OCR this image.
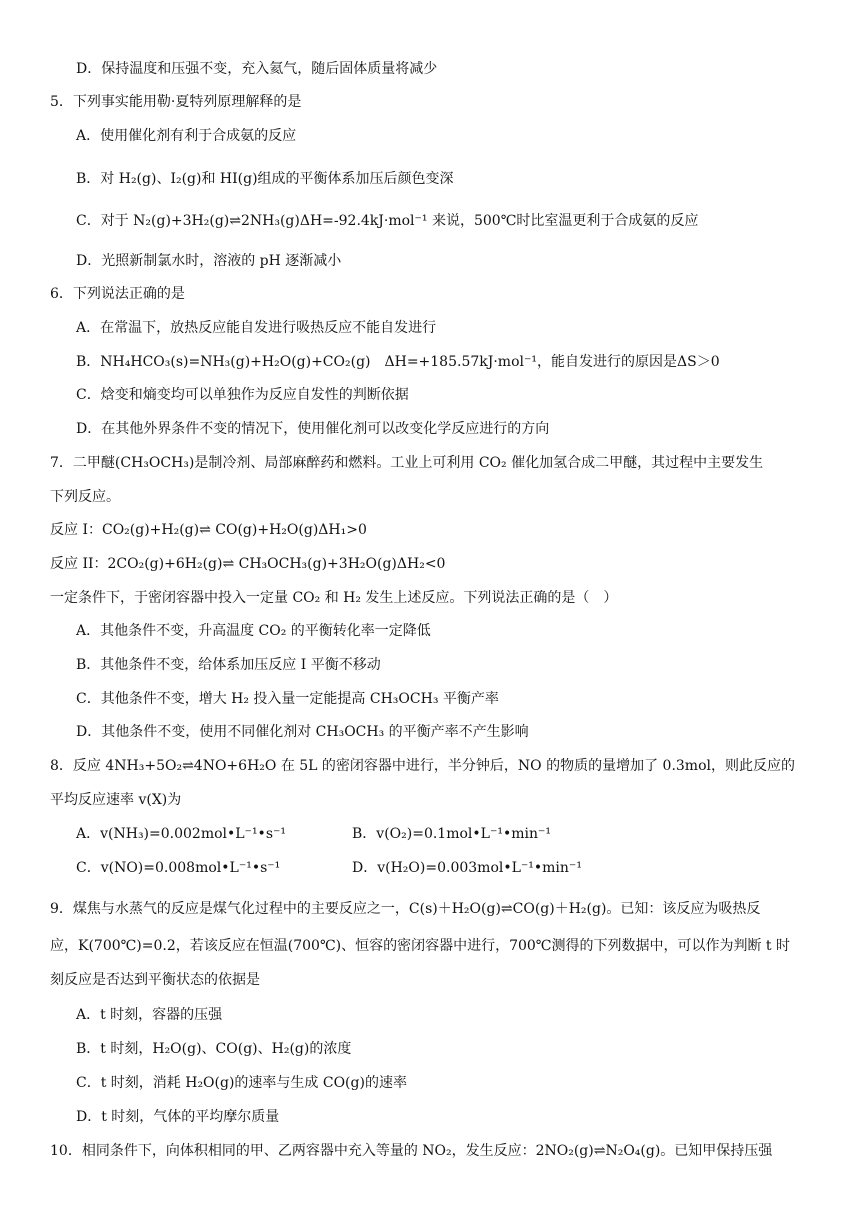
D．保持温度和压强不变，充入氦气，随后固体质量将减少
5．下列事实能用勒·夏特列原理解释的是
A．使用催化剂有利于合成氨的反应
B．对 H₂(g)、I₂(g)和 HI(g)组成的平衡体系加压后颜色变深
C．对于 N₂(g)+3H₂(g)⇌2NH₃(g)ΔH=-92.4kJ·mol⁻¹ 来说，500℃时比室温更利于合成氨的反应
D．光照新制氯水时，溶液的 pH 逐渐减小
6．下列说法正确的是
A．在常温下，放热反应能自发进行吸热反应不能自发进行
B．NH₄HCO₃(s)=NH₃(g)+H₂O(g)+CO₂(g)　ΔH=+185.57kJ·mol⁻¹，能自发进行的原因是ΔS＞0
C．焓变和熵变均可以单独作为反应自发性的判断依据
D．在其他外界条件不变的情况下，使用催化剂可以改变化学反应进行的方向
7．二甲醚(CH₃OCH₃)是制冷剂、局部麻醉药和燃料。工业上可利用 CO₂ 催化加氢合成二甲醚，其过程中主要发生
下列反应。
反应 I：CO₂(g)+H₂(g)⇌ CO(g)+H₂O(g)ΔH₁>0
反应 II：2CO₂(g)+6H₂(g)⇌ CH₃OCH₃(g)+3H₂O(g)ΔH₂<0
一定条件下，于密闭容器中投入一定量 CO₂ 和 H₂ 发生上述反应。下列说法正确的是（　）
A．其他条件不变，升高温度 CO₂ 的平衡转化率一定降低
B．其他条件不变，给体系加压反应 I 平衡不移动
C．其他条件不变，增大 H₂ 投入量一定能提高 CH₃OCH₃ 平衡产率
D．其他条件不变，使用不同催化剂对 CH₃OCH₃ 的平衡产率不产生影响
8．反应 4NH₃+5O₂⇌4NO+6H₂O 在 5L 的密闭容器中进行，半分钟后，NO 的物质的量增加了 0.3mol，则此反应的
平均反应速率 v(X)为
A．v(NH₃)=0.002mol•L⁻¹•s⁻¹	B．v(O₂)=0.1mol•L⁻¹•min⁻¹
C．v(NO)=0.008mol•L⁻¹•s⁻¹	D．v(H₂O)=0.003mol•L⁻¹•min⁻¹
9．煤焦与水蒸气的反应是煤气化过程中的主要反应之一，C(s)＋H₂O(g)⇌CO(g)＋H₂(g)。已知：该反应为吸热反
应，K(700℃)=0.2，若该反应在恒温(700℃)、恒容的密闭容器中进行，700℃测得的下列数据中，可以作为判断 t 时
刻反应是否达到平衡状态的依据是
A．t 时刻，容器的压强
B．t 时刻，H₂O(g)、CO(g)、H₂(g)的浓度
C．t 时刻，消耗 H₂O(g)的速率与生成 CO(g)的速率
D．t 时刻，气体的平均摩尔质量
10．相同条件下，向体积相同的甲、乙两容器中充入等量的 NO₂，发生反应：2NO₂(g)⇌N₂O₄(g)。已知甲保持压强
